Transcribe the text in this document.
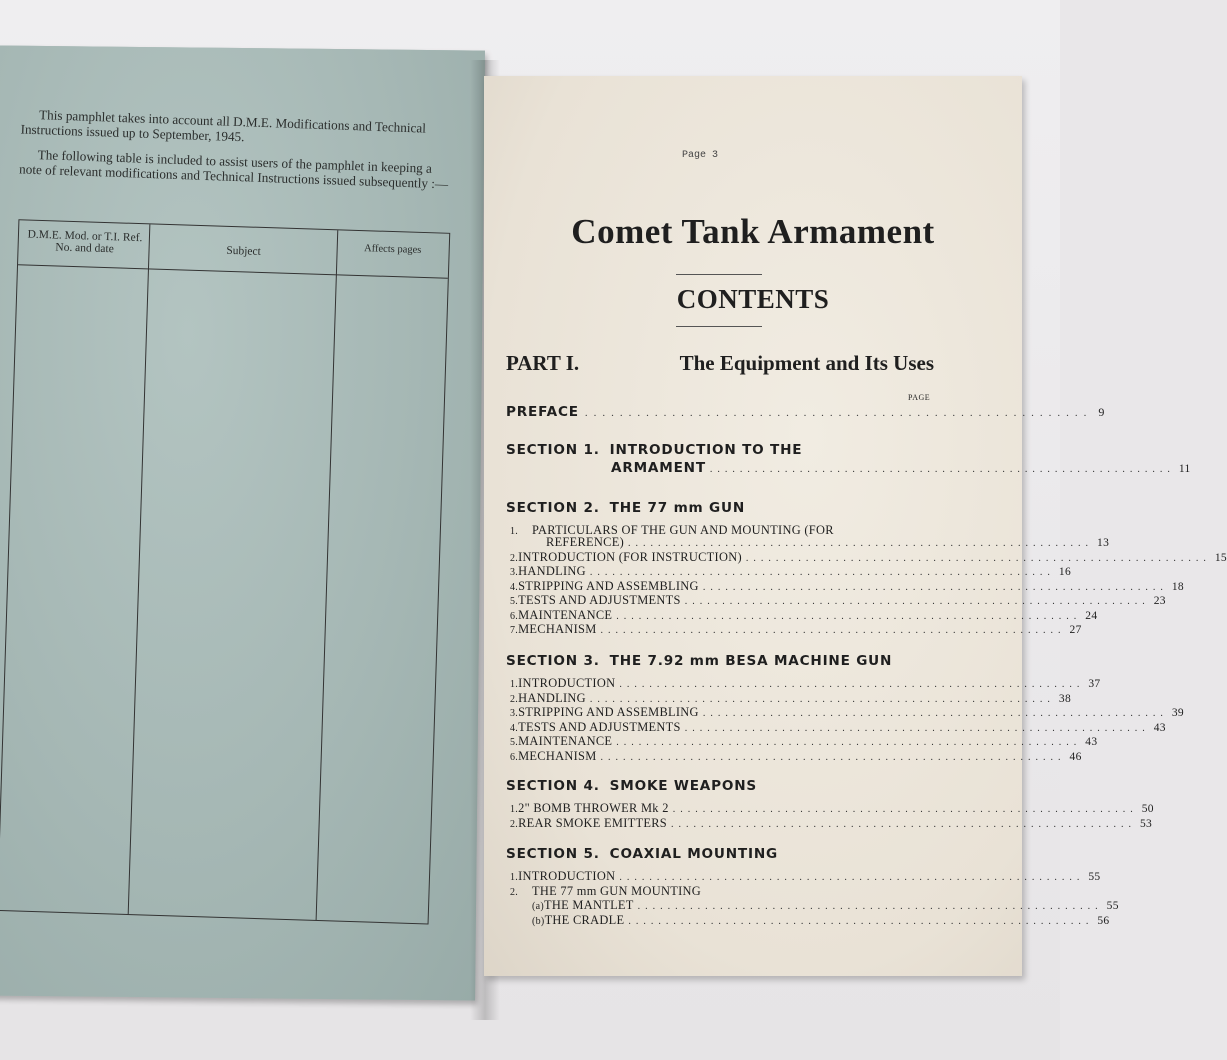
This pamphlet takes into account all D.M.E. Modifications and Technical Instructions issued up to September, 1945.

The following table is included to assist users of the pamphlet in keeping a note of relevant modifications and Technical Instructions issued subsequently :—

D.M.E. Mod. or T.I. Ref. No. and date	Subject	Affects pages
Page 3
Comet Tank Armament
CONTENTS
PART I.	The Equipment and Its Uses
PAGE
PREFACE .......................................................... 9
SECTION 1. INTRODUCTION TO THE
ARMAMENT .............................................................. 11
SECTION 2. THE 77 mm GUN
1.	PARTICULARS OF THE GUN AND MOUNTING (FOR
REFERENCE) .............................................................. 13
2. INTRODUCTION (FOR INSTRUCTION) .............................................................. 15
3. HANDLING .............................................................. 16
4. STRIPPING AND ASSEMBLING .............................................................. 18
5. TESTS AND ADJUSTMENTS .............................................................. 23
6. MAINTENANCE .............................................................. 24
7. MECHANISM .............................................................. 27
SECTION 3. THE 7.92 mm BESA MACHINE GUN
1. INTRODUCTION .............................................................. 37
2. HANDLING .............................................................. 38
3. STRIPPING AND ASSEMBLING .............................................................. 39
4. TESTS AND ADJUSTMENTS .............................................................. 43
5. MAINTENANCE .............................................................. 43
6. MECHANISM .............................................................. 46
SECTION 4. SMOKE WEAPONS
1. 2" BOMB THROWER Mk 2 .............................................................. 50
2. REAR SMOKE EMITTERS .............................................................. 53
SECTION 5. COAXIAL MOUNTING
1. INTRODUCTION .............................................................. 55
2.	THE 77 mm GUN MOUNTING
(a) THE MANTLET .............................................................. 55
(b) THE CRADLE .............................................................. 56
